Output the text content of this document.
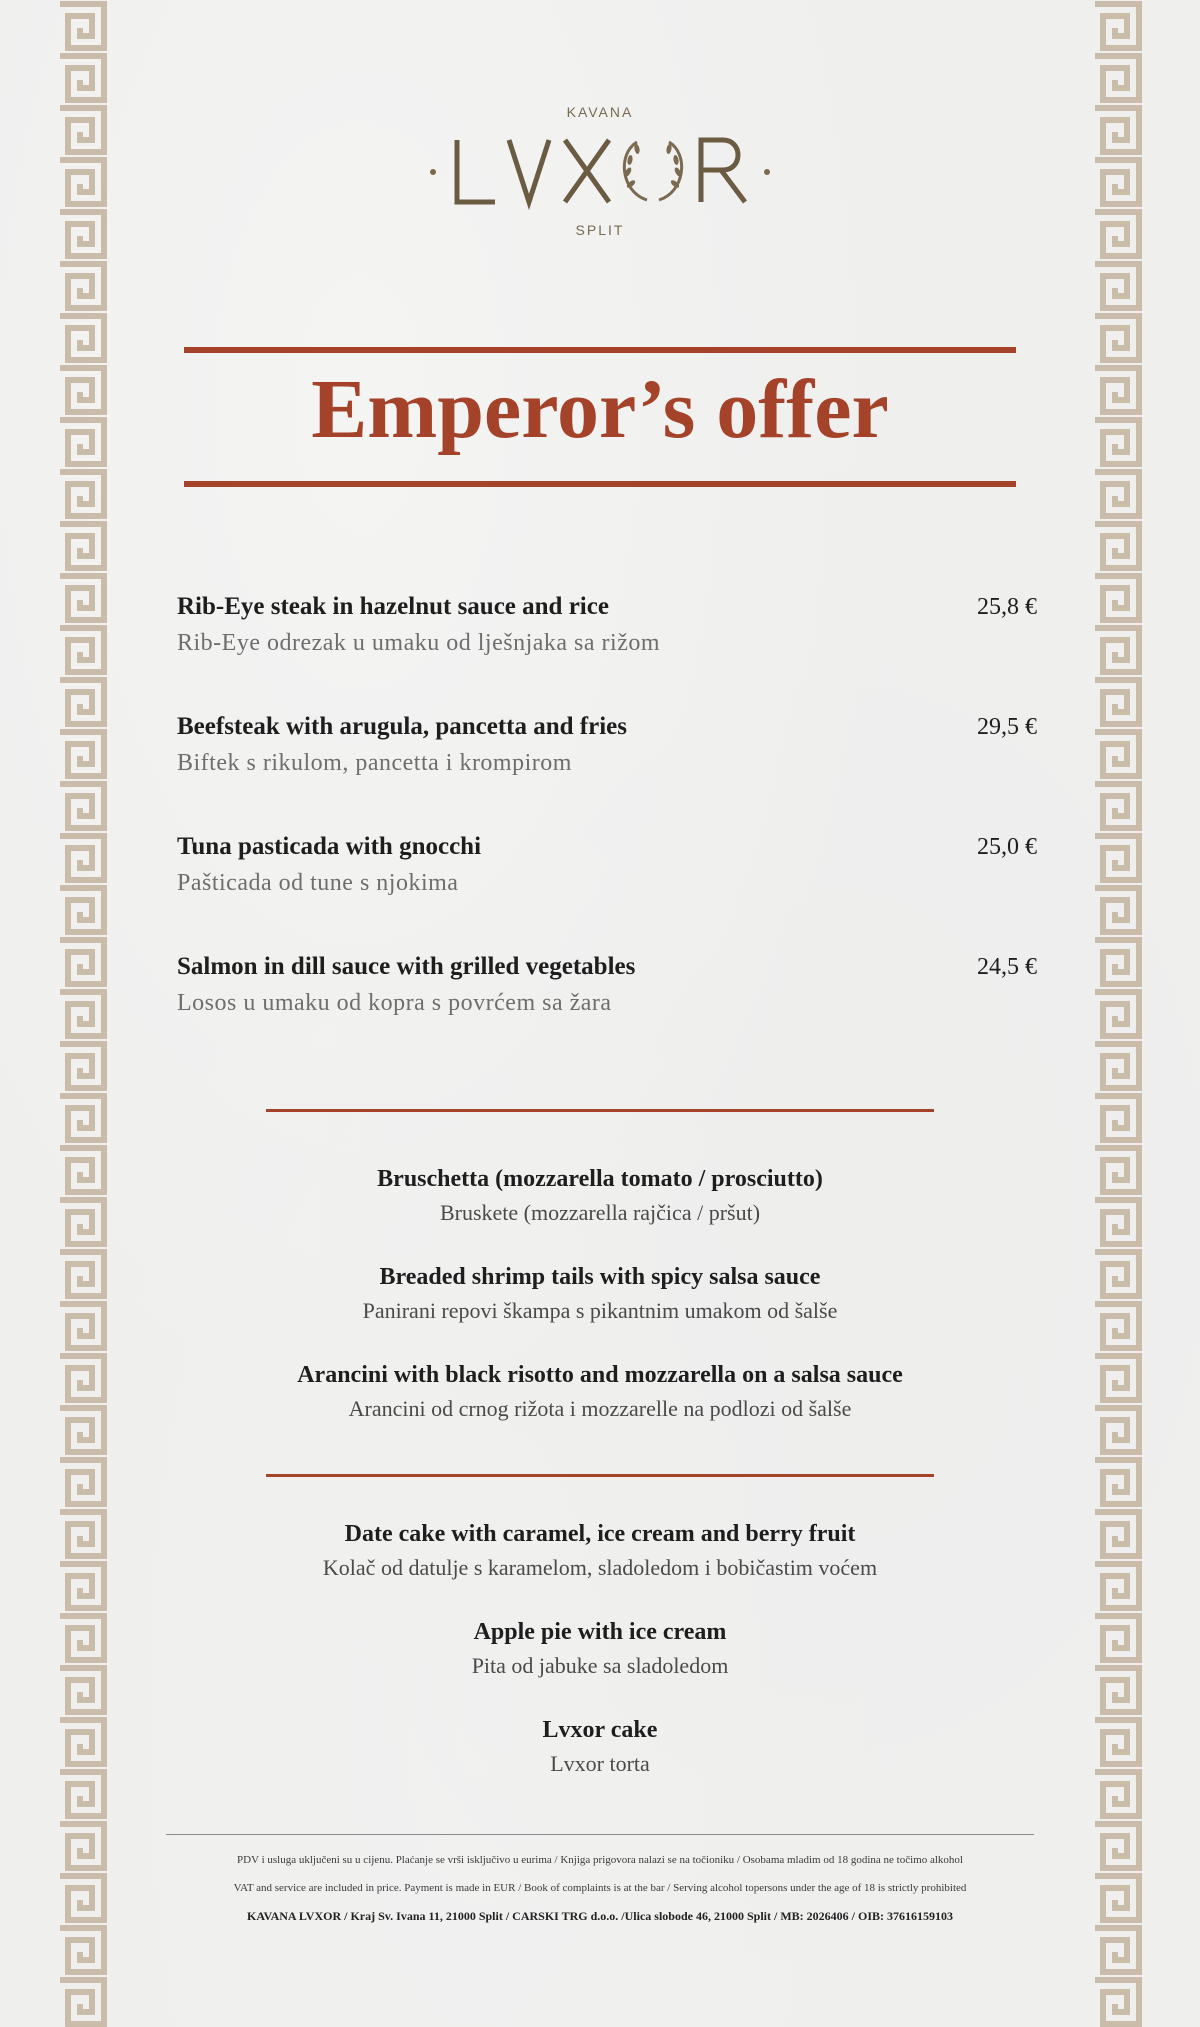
KAVANA
SPLIT
Emperor’s offer
Rib-Eye steak in hazelnut sauce and rice
Rib-Eye odrezak u umaku od lješnjaka sa rižom
25,8 €
Beefsteak with arugula, pancetta and fries
Biftek s rikulom, pancetta i krompirom
29,5 €
Tuna pasticada with gnocchi
Pašticada od tune s njokima
25,0 €
Salmon in dill sauce with grilled vegetables
Losos u umaku od kopra s povrćem sa žara
24,5 €
Bruschetta (mozzarella tomato / prosciutto)
Bruskete (mozzarella rajčica / pršut)
Breaded shrimp tails with spicy salsa sauce
Panirani repovi škampa s pikantnim umakom od šalše
Arancini with black risotto and mozzarella on a salsa sauce
Arancini od crnog rižota i mozzarelle na podlozi od šalše
Date cake with caramel, ice cream and berry fruit
Kolač od datulje s karamelom, sladoledom i bobičastim voćem
Apple pie with ice cream
Pita od jabuke sa sladoledom
Lvxor cake
Lvxor torta
PDV i usluga uključeni su u cijenu. Plaćanje se vrši isključivo u eurima / Knjiga prigovora nalazi se na točioniku / Osobama mladim od 18 godina ne točimo alkohol
VAT and service are included in price. Payment is made in EUR / Book of complaints is at the bar / Serving alcohol topersons under the age of 18 is strictly prohibited
KAVANA LVXOR / Kraj Sv. Ivana 11, 21000 Split / CARSKI TRG d.o.o. /Ulica slobode 46, 21000 Split / MB: 2026406 / OIB: 37616159103
